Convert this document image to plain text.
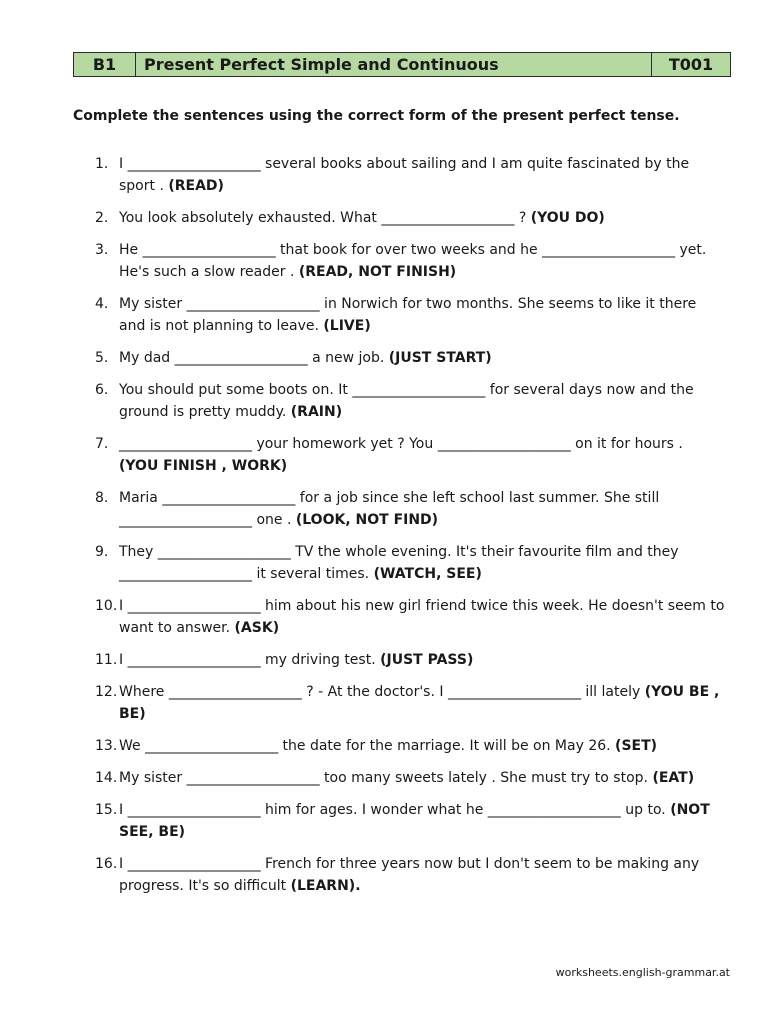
B1	Present Perfect Simple and Continuous	T001

Complete the sentences using the correct form of the present perfect tense.

1. I ___________________ several books about sailing and I am quite fascinated by the sport . (READ)
2. You look absolutely exhausted. What ___________________ ? (YOU DO)
3. He ___________________ that book for over two weeks and he ___________________ yet. He's such a slow reader . (READ, NOT FINISH)
4. My sister ___________________ in Norwich for two months. She seems to like it there and is not planning to leave. (LIVE)
5. My dad ___________________ a new job. (JUST START)
6. You should put some boots on. It ___________________ for several days now and the ground is pretty muddy. (RAIN)
7. ___________________ your homework yet ? You ___________________ on it for hours . (YOU FINISH , WORK)
8. Maria ___________________ for a job since she left school last summer. She still ___________________ one . (LOOK, NOT FIND)
9. They ___________________ TV the whole evening. It's their favourite film and they ___________________ it several times. (WATCH, SEE)
10. I ___________________ him about his new girl friend twice this week. He doesn't seem to want to answer. (ASK)
11. I ___________________ my driving test. (JUST PASS)
12. Where ___________________ ? - At the doctor's. I ___________________ ill lately (YOU BE , BE)
13. We ___________________ the date for the marriage. It will be on May 26. (SET)
14. My sister ___________________ too many sweets lately . She must try to stop. (EAT)
15. I ___________________ him for ages. I wonder what he ___________________ up to. (NOT SEE, BE)
16. I ___________________ French for three years now but I don't seem to be making any progress. It's so difficult (LEARN).
worksheets.english-grammar.at
